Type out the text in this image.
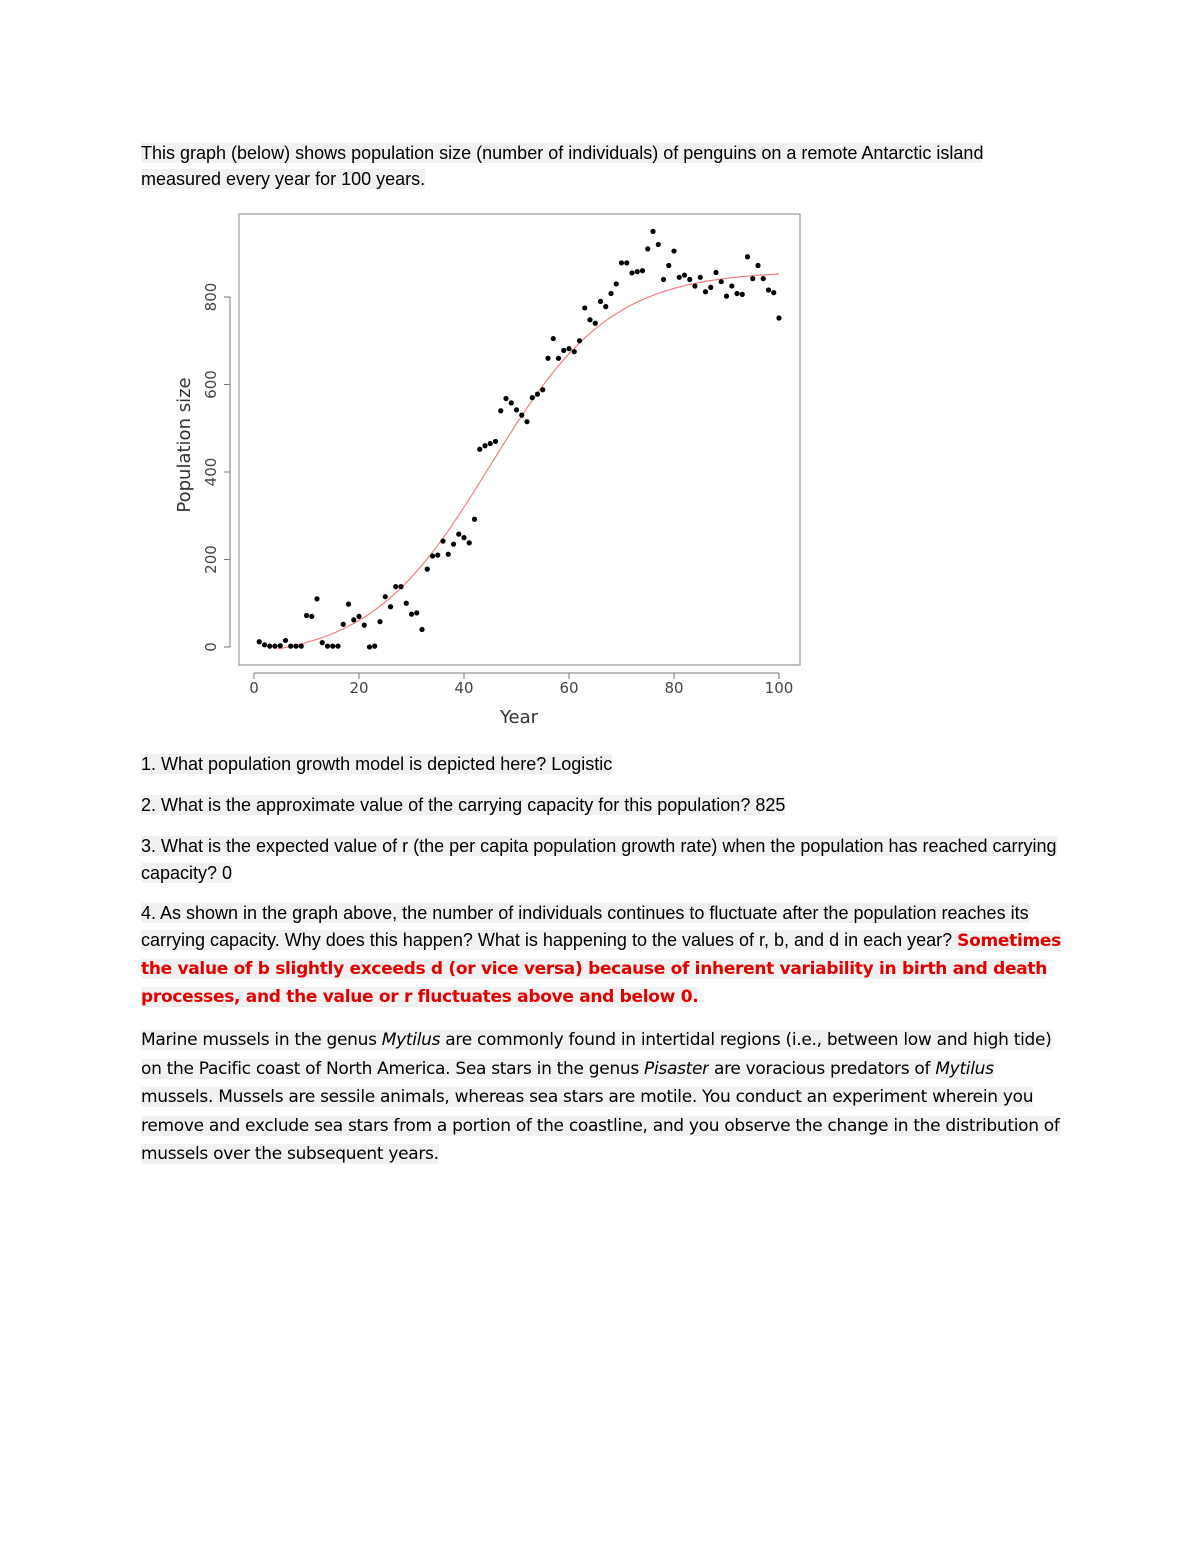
This graph (below) shows population size (number of individuals) of penguins on a remote Antarctic island measured every year for 100 years.

0	20	40	60	80	100
0
200
400
600
800
Year
Population size

1. What population growth model is depicted here? Logistic

2. What is the approximate value of the carrying capacity for this population? 825

3. What is the expected value of r (the per capita population growth rate) when the population has reached carrying capacity? 0

4. As shown in the graph above, the number of individuals continues to fluctuate after the population reaches its carrying capacity. Why does this happen? What is happening to the values of r, b, and d in each year? Sometimes the value of b slightly exceeds d (or vice versa) because of inherent variability in birth and death processes, and the value or r fluctuates above and below 0.

Marine mussels in the genus Mytilus are commonly found in intertidal regions (i.e., between low and high tide) on the Pacific coast of North America. Sea stars in the genus Pisaster are voracious predators of Mytilus mussels. Mussels are sessile animals, whereas sea stars are motile. You conduct an experiment wherein you remove and exclude sea stars from a portion of the coastline, and you observe the change in the distribution of mussels over the subsequent years.
